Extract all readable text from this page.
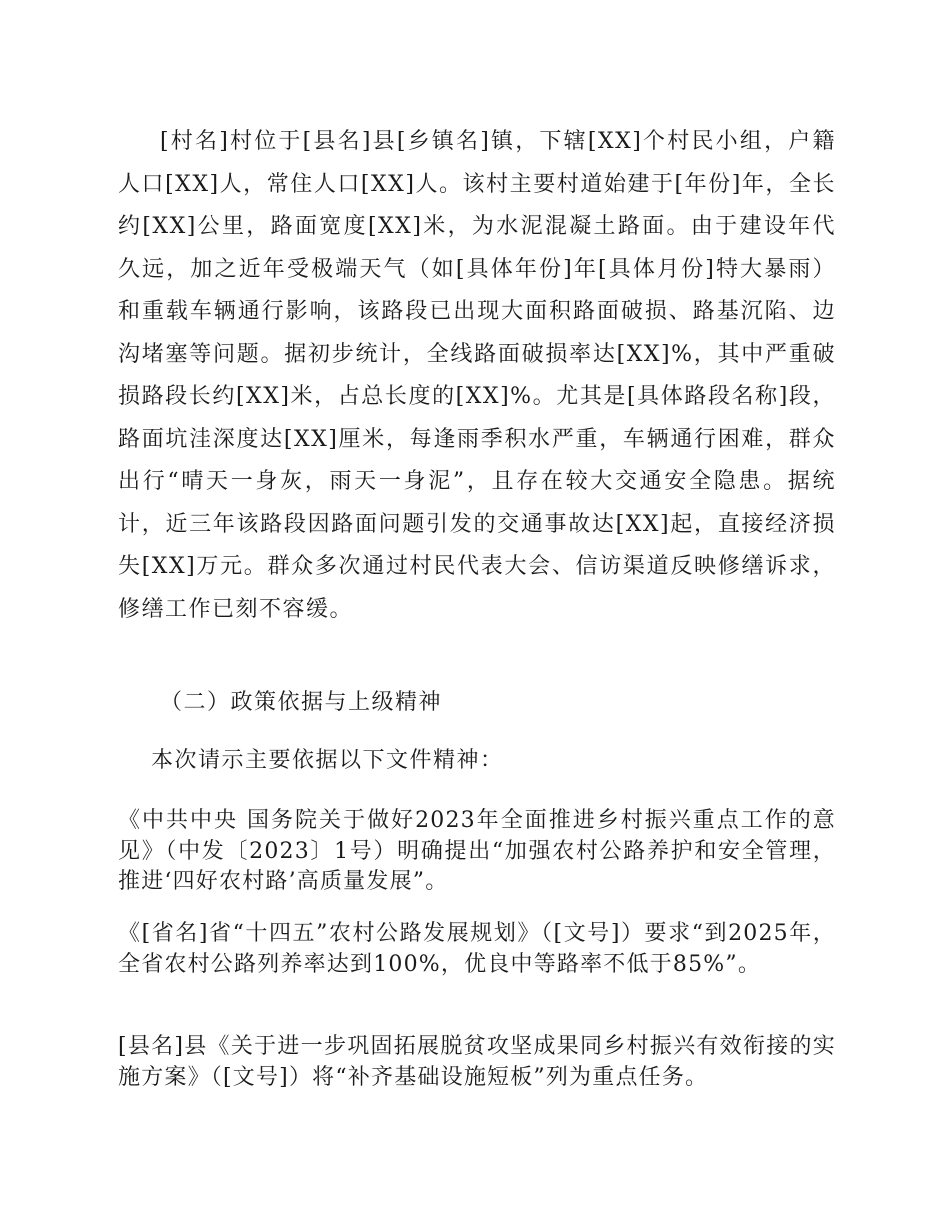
[村名]村位于[县名]县[乡镇名]镇，下辖[XX]个村民小组，户籍人口[XX]人，常住人口[XX]人。该村主要村道始建于[年份]年，全长约[XX]公里，路面宽度[XX]米，为水泥混凝土路面。由于建设年代久远，加之近年受极端天气（如[具体年份]年[具体月份]特大暴雨）和重载车辆通行影响，该路段已出现大面积路面破损、路基沉陷、边沟堵塞等问题。据初步统计，全线路面破损率达[XX]%，其中严重破损路段长约[XX]米，占总长度的[XX]%。尤其是[具体路段名称]段，路面坑洼深度达[XX]厘米，每逢雨季积水严重，车辆通行困难，群众出行“晴天一身灰，雨天一身泥”，且存在较大交通安全隐患。据统计，近三年该路段因路面问题引发的交通事故达[XX]起，直接经济损失[XX]万元。群众多次通过村民代表大会、信访渠道反映修缮诉求，修缮工作已刻不容缓。

（二）政策依据与上级精神

本次请示主要依据以下文件精神：

《中共中央 国务院关于做好2023年全面推进乡村振兴重点工作的意见》（中发〔2023〕1号）明确提出“加强农村公路养护和安全管理，推进‘四好农村路’高质量发展”。

《[省名]省“十四五”农村公路发展规划》（[文号]）要求“到2025年，全省农村公路列养率达到100%，优良中等路率不低于85%”。

[县名]县《关于进一步巩固拓展脱贫攻坚成果同乡村振兴有效衔接的实施方案》（[文号]）将“补齐基础设施短板”列为重点任务。
